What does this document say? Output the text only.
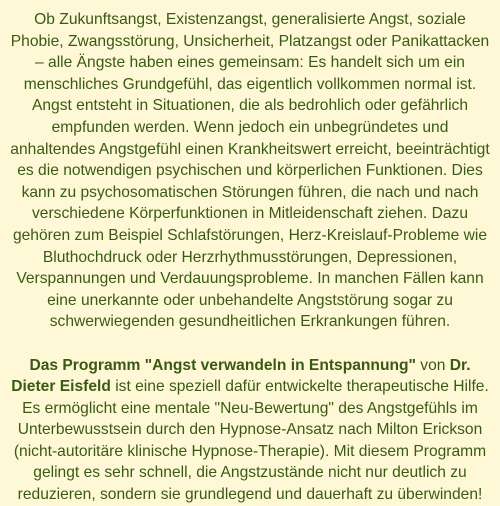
Ob Zukunftsangst, Existenzangst, generalisierte Angst, soziale Phobie, Zwangsstörung, Unsicherheit, Platzangst oder Panikattacken – alle Ängste haben eines gemeinsam: Es handelt sich um ein menschliches Grundgefühl, das eigentlich vollkommen normal ist. Angst entsteht in Situationen, die als bedrohlich oder gefährlich empfunden werden. Wenn jedoch ein unbegründetes und anhaltendes Angstgefühl einen Krankheitswert erreicht, beeinträchtigt es die notwendigen psychischen und körperlichen Funktionen. Dies kann zu psychosomatischen Störungen führen, die nach und nach verschiedene Körperfunktionen in Mitleidenschaft ziehen. Dazu gehören zum Beispiel Schlafstörungen, Herz-Kreislauf-Probleme wie Bluthochdruck oder Herzrhythmusstörungen, Depressionen, Verspannungen und Verdauungsprobleme. In manchen Fällen kann eine unerkannte oder unbehandelte Angststörung sogar zu schwerwiegenden gesundheitlichen Erkrankungen führen.

Das Programm "Angst verwandeln in Entspannung" von Dr. Dieter Eisfeld ist eine speziell dafür entwickelte therapeutische Hilfe. Es ermöglicht eine mentale "Neu-Bewertung" des Angstgefühls im Unterbewusstsein durch den Hypnose-Ansatz nach Milton Erickson (nicht-autoritäre klinische Hypnose-Therapie). Mit diesem Programm gelingt es sehr schnell, die Angstzustände nicht nur deutlich zu reduzieren, sondern sie grundlegend und dauerhaft zu überwinden!
